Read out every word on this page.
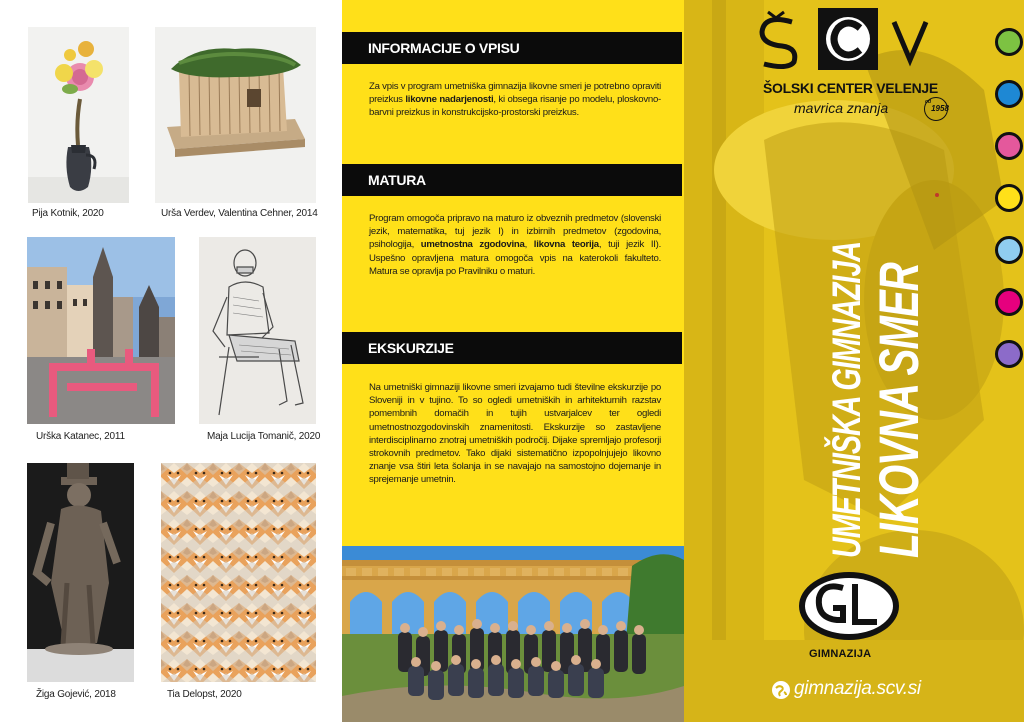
Pija Kotnik, 2020	Urša Verdev, Valentina Cehner, 2014
Urška Katanec, 2011	Maja Lucija Tomanič, 2020
Žiga Gojević, 2018	Tia Delopst, 2020
INFORMACIJE O VPISU
Za vpis v program umetniška gimnazija likovne smeri je potrebno opraviti preizkus likovne nadarjenosti, ki obsega risanje po modelu, ploskovno-barvni preizkus in konstrukcijsko-prostorski preizkus.
MATURA
Program omogoča pripravo na maturo iz obveznih predmetov (slovenski jezik, matematika, tuj jezik I) in izbirnih predmetov (zgodovina, psihologija, umetnostna zgodovina, likovna teorija, tuji jezik II). Uspešno opravljena matura omogoča vpis na katerokoli fakulteto. Matura se opravlja po Pravilniku o maturi.
EKSKURZIJE
Na umetniški gimnaziji likovne smeri izvajamo tudi številne ekskurzije po Sloveniji in v tujino. To so ogledi umetniških in arhitekturnih razstav pomembnih domačih in tujih ustvarjalcev ter ogledi umetnostnozgodovinskih znamenitosti. Ekskurzije so zastavljene interdisciplinarno znotraj umetniških področij. Dijake spremljajo profesorji strokovnih predmetov. Tako dijaki sistematično izpopolnjujejo likovno znanje vsa štiri leta šolanja in se navajajo na samostojno dojemanje in sprejemanje umetnin.
ŠOLSKI CENTER VELENJE
mavrica znanja	$^{od}$1958
UMETNIŠKA GIMNAZIJA
LIKOVNA SMER
GIMNAZIJA
gimnazija.scv.si
